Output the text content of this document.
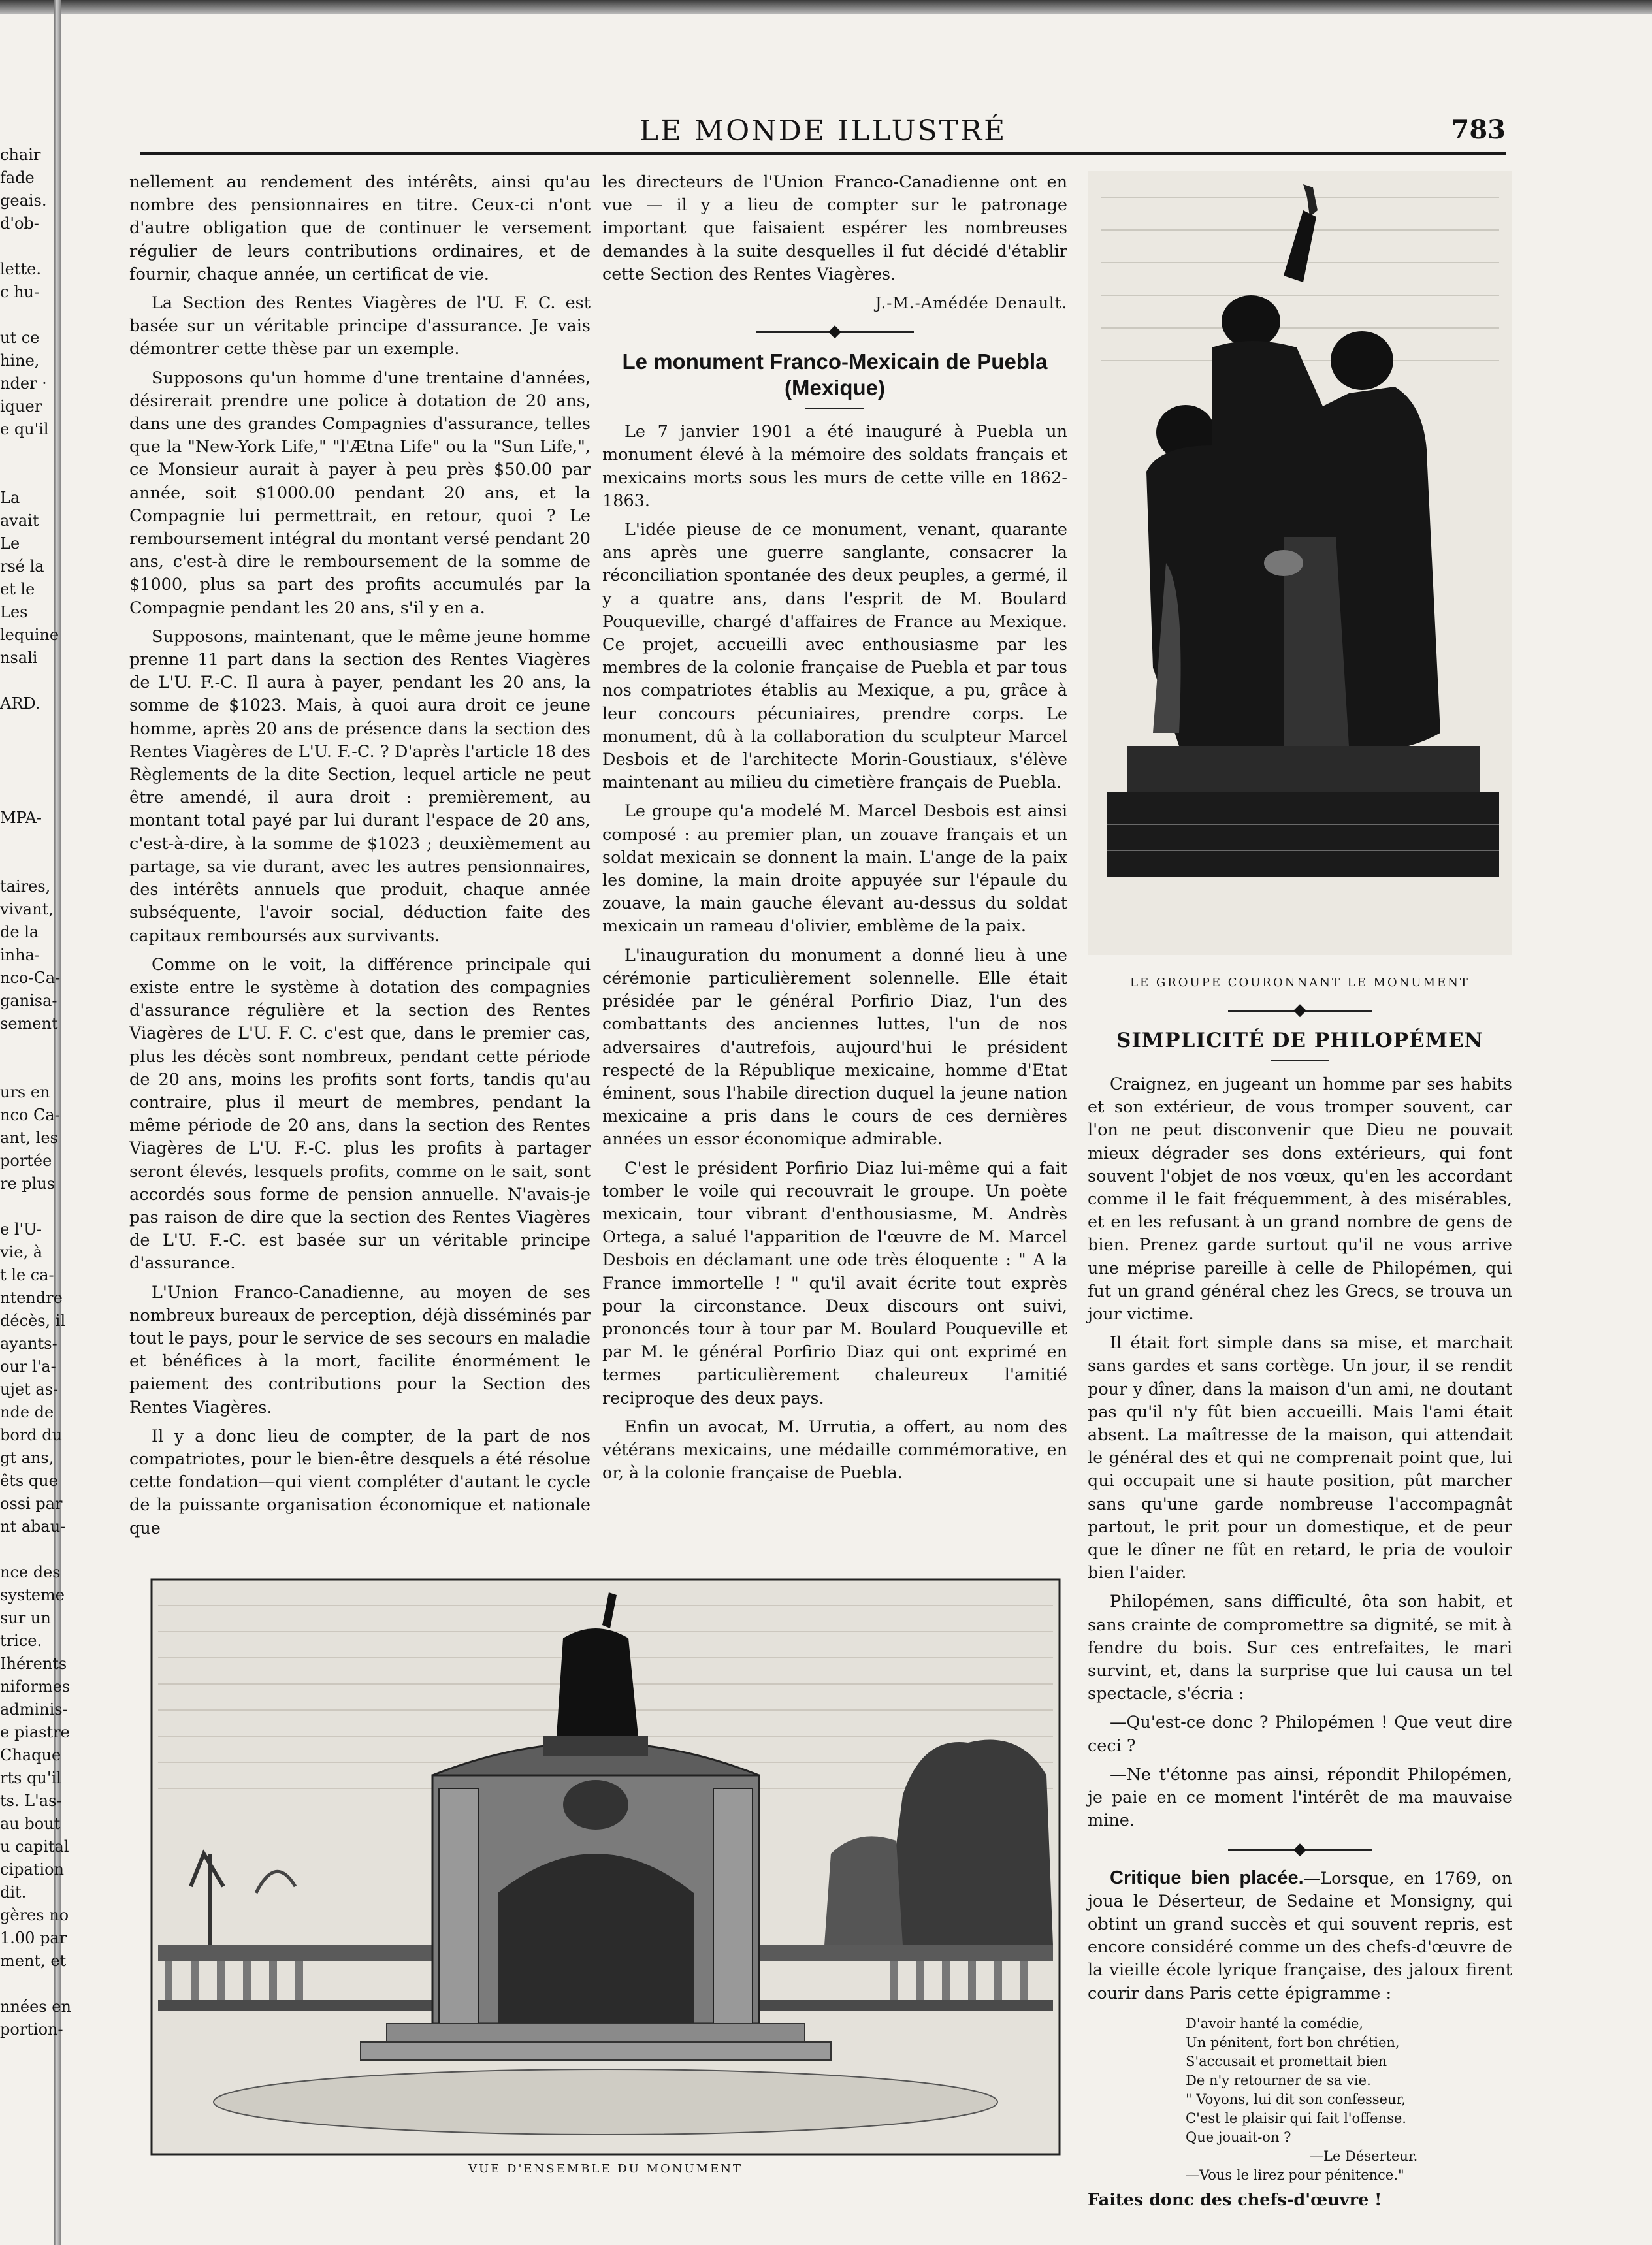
chair
fade
geais.
d'ob-

lette.
c hu-

ut ce
hine,
nder ·
iquer
e qu'il

La
avait
Le
rsé la
et le
Les
lequine
nsali

ARD.

MPA-

taires,
vivant,
de la
inha-
nco-Ca-
ganisa-
sement

urs en
nco Ca-
ant, les
portée
re plus

e l'U-
vie, à
t le ca-
ntendre
décès, il
ayants-
our l'a-
ujet as-
nde de
bord du
gt ans,
êts que
ossi par
nt abau-

nce des
systeme
sur un
trice.
Ihérents
niformes
adminis-
e piastre
Chaque
rts qu'il
ts. L'as-
au bout
u capital
cipation
dit.
gères no
1.00 par
ment, et

nnées en
portion-
LE MONDE ILLUSTRÉ	783

nellement au rendement des intérêts, ainsi qu'au nombre des pensionnaires en titre. Ceux-ci n'ont d'autre obligation que de continuer le versement régulier de leurs contributions ordinaires, et de fournir, chaque année, un certificat de vie.

La Section des Rentes Viagères de l'U. F. C. est basée sur un véritable principe d'assurance. Je vais démontrer cette thèse par un exemple.

Supposons qu'un homme d'une trentaine d'années, désirerait prendre une police à dotation de 20 ans, dans une des grandes Compagnies d'assurance, telles que la "New-York Life," "l'Ætna Life" ou la "Sun Life,", ce Monsieur aurait à payer à peu près $50.00 par année, soit $1000.00 pendant 20 ans, et la Compagnie lui permettrait, en retour, quoi ? Le remboursement intégral du montant versé pendant 20 ans, c'est-à dire le remboursement de la somme de $1000, plus sa part des profits accumulés par la Compagnie pendant les 20 ans, s'il y en a.

Supposons, maintenant, que le même jeune homme prenne 11 part dans la section des Rentes Viagères de L'U. F.-C. Il aura à payer, pendant les 20 ans, la somme de $1023. Mais, à quoi aura droit ce jeune homme, après 20 ans de présence dans la section des Rentes Viagères de L'U. F.-C. ? D'après l'article 18 des Règlements de la dite Section, lequel article ne peut être amendé, il aura droit : premièrement, au montant total payé par lui durant l'espace de 20 ans, c'est-à-dire, à la somme de $1023 ; deuxièmement au partage, sa vie durant, avec les autres pensionnaires, des intérêts annuels que produit, chaque année subséquente, l'avoir social, déduction faite des capitaux remboursés aux survivants.

Comme on le voit, la différence principale qui existe entre le système à dotation des compagnies d'assurance régulière et la section des Rentes Viagères de L'U. F. C. c'est que, dans le premier cas, plus les décès sont nombreux, pendant cette période de 20 ans, moins les profits sont forts, tandis qu'au contraire, plus il meurt de membres, pendant la même période de 20 ans, dans la section des Rentes Viagères de L'U. F.-C. plus les profits à partager seront élevés, lesquels profits, comme on le sait, sont accordés sous forme de pension annuelle. N'avais-je pas raison de dire que la section des Rentes Viagères de L'U. F.-C. est basée sur un véritable principe d'assurance.

L'Union Franco-Canadienne, au moyen de ses nombreux bureaux de perception, déjà disséminés par tout le pays, pour le service de ses secours en maladie et bénéfices à la mort, facilite énormément le paiement des contributions pour la Section des Rentes Viagères.

Il y a donc lieu de compter, de la part de nos compatriotes, pour le bien-être desquels a été résolue cette fondation—qui vient compléter d'autant le cycle de la puissante organisation économique et nationale que

les directeurs de l'Union Franco-Canadienne ont en vue — il y a lieu de compter sur le patronage important que faisaient espérer les nombreuses demandes à la suite desquelles il fut décidé d'établir cette Section des Rentes Viagères.

J.-M.-Amédée Denault.
◆
Le monument Franco-Mexicain de Puebla (Mexique)

Le 7 janvier 1901 a été inauguré à Puebla un monument élevé à la mémoire des soldats français et mexicains morts sous les murs de cette ville en 1862-1863.

L'idée pieuse de ce monument, venant, quarante ans après une guerre sanglante, consacrer la réconciliation spontanée des deux peuples, a germé, il y a quatre ans, dans l'esprit de M. Boulard Pouqueville, chargé d'affaires de France au Mexique. Ce projet, accueilli avec enthousiasme par les membres de la colonie française de Puebla et par tous nos compatriotes établis au Mexique, a pu, grâce à leur concours pécuniaires, prendre corps. Le monument, dû à la collaboration du sculpteur Marcel Desbois et de l'architecte Morin-Goustiaux, s'élève maintenant au milieu du cimetière français de Puebla.

Le groupe qu'a modelé M. Marcel Desbois est ainsi composé : au premier plan, un zouave français et un soldat mexicain se donnent la main. L'ange de la paix les domine, la main droite appuyée sur l'épaule du zouave, la main gauche élevant au-dessus du soldat mexicain un rameau d'olivier, emblème de la paix.

L'inauguration du monument a donné lieu à une cérémonie particulièrement solennelle. Elle était présidée par le général Porfirio Diaz, l'un des combattants des anciennes luttes, l'un de nos adversaires d'autrefois, aujourd'hui le président respecté de la République mexicaine, homme d'Etat éminent, sous l'habile direction duquel la jeune nation mexicaine a pris dans le cours de ces dernières années un essor économique admirable.

C'est le président Porfirio Diaz lui-même qui a fait tomber le voile qui recouvrait le groupe. Un poète mexicain, tour vibrant d'enthousiasme, M. Andrès Ortega, a salué l'apparition de l'œuvre de M. Marcel Desbois en déclamant une ode très éloquente : " A la France immortelle ! " qu'il avait écrite tout exprès pour la circonstance. Deux discours ont suivi, prononcés tour à tour par M. Boulard Pouqueville et par M. le général Porfirio Diaz qui ont exprimé en termes particulièrement chaleureux l'amitié reciproque des deux pays.

Enfin un avocat, M. Urrutia, a offert, au nom des vétérans mexicains, une médaille commémorative, en or, à la colonie française de Puebla.

LE GROUPE COURONNANT LE MONUMENT
◆
SIMPLICITÉ DE PHILOPÉMEN

Craignez, en jugeant un homme par ses habits et son extérieur, de vous tromper souvent, car l'on ne peut disconvenir que Dieu ne pouvait mieux dégrader ses dons extérieurs, qui font souvent l'objet de nos vœux, qu'en les accordant comme il le fait fréquemment, à des misérables, et en les refusant à un grand nombre de gens de bien. Prenez garde surtout qu'il ne vous arrive une méprise pareille à celle de Philopémen, qui fut un grand général chez les Grecs, se trouva un jour victime.

Il était fort simple dans sa mise, et marchait sans gardes et sans cortège. Un jour, il se rendit pour y dîner, dans la maison d'un ami, ne doutant pas qu'il n'y fût bien accueilli. Mais l'ami était absent. La maîtresse de la maison, qui attendait le général des et qui ne comprenait point que, lui qui occupait une si haute position, pût marcher sans qu'une garde nombreuse l'accompagnât partout, le prit pour un domestique, et de peur que le dîner ne fût en retard, le pria de vouloir bien l'aider.

Philopémen, sans difficulté, ôta son habit, et sans crainte de compromettre sa dignité, se mit à fendre du bois. Sur ces entrefaites, le mari survint, et, dans la surprise que lui causa un tel spectacle, s'écria :

—Qu'est-ce donc ? Philopémen ! Que veut dire ceci ?

—Ne t'étonne pas ainsi, répondit Philopémen, je paie en ce moment l'intérêt de ma mauvaise mine.

◆

Critique bien placée.—Lorsque, en 1769, on joua le Déserteur, de Sedaine et Monsigny, qui obtint un grand succès et qui souvent repris, est encore considéré comme un des chefs-d'œuvre de la vieille école lyrique française, des jaloux firent courir dans Paris cette épigramme :

D'avoir hanté la comédie,
Un pénitent, fort bon chrétien,
S'accusait et promettait bien
De n'y retourner de sa vie.
" Voyons, lui dit son confesseur,
C'est le plaisir qui fait l'offense.
Que jouait-on ?
—Le Déserteur.
—Vous le lirez pour pénitence."

Faites donc des chefs-d'œuvre !

VUE D'ENSEMBLE DU MONUMENT
